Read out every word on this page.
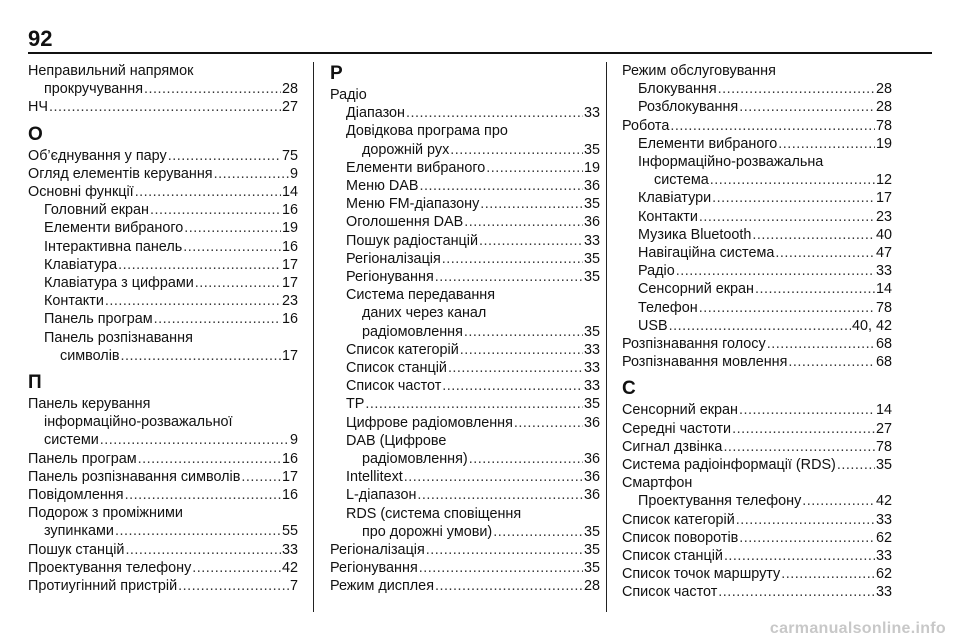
92
Неправильний напрямок
прокручування .....	28
НЧ .....	27
О
Об’єднування у пару .....	75
Огляд елементів керування .....	9
Основні функції .....	14
Головний екран .....	16
Елементи вибраного .....	19
Інтерактивна панель .....	16
Клавіатура .....	17
Клавіатура з цифрами .....	17
Контакти .....	23
Панель програм .....	16
Панель розпізнавання
символів .....	17
П
Панель керування
інформаційно-розважальної
системи .....	9
Панель програм .....	16
Панель розпізнавання символів .....	17
Повідомлення .....	16
Подорож з проміжними
зупинками .....	55
Пошук станцій .....	33
Проектування телефону .....	42
Протиугінний пристрій .....	7
Р
Радіо
Діапазон .....	33
Довідкова програма про
дорожній рух .....	35
Елементи вибраного .....	19
Меню DAB .....	36
Меню FM-діапазону .....	35
Оголошення DAB .....	36
Пошук радіостанцій .....	33
Регіоналізація .....	35
Регіонування .....	35
Система передавання
даних через канал
радіомовлення .....	35
Список категорій .....	33
Список станцій .....	33
Список частот .....	33
TP .....	35
Цифрове радіомовлення .....	36
DAB (Цифрове
радіомовлення) .....	36
Intellitext .....	36
L-діапазон .....	36
RDS (система сповіщення
про дорожні умови) .....	35
Регіоналізація .....	35
Регіонування .....	35
Режим дисплея .....	28
Режим обслуговування
Блокування .....	28
Розблокування .....	28
Робота .....	78
Елементи вибраного .....	19
Інформаційно-розважальна
система .....	12
Клавіатури .....	17
Контакти .....	23
Музика Bluetooth .....	40
Навігаційна система .....	47
Радіо .....	33
Сенсорний екран .....	14
Телефон .....	78
USB .....	40, 42
Розпізнавання голосу .....	68
Розпізнавання мовлення .....	68
С
Сенсорний екран .....	14
Середні частоти .....	27
Сигнал дзвінка .....	78
Система радіоінформації (RDS) .....	35
Смартфон
Проектування телефону .....	42
Список категорій .....	33
Список поворотів .....	62
Список станцій .....	33
Список точок маршруту .....	62
Список частот .....	33
carmanualsonline.info
